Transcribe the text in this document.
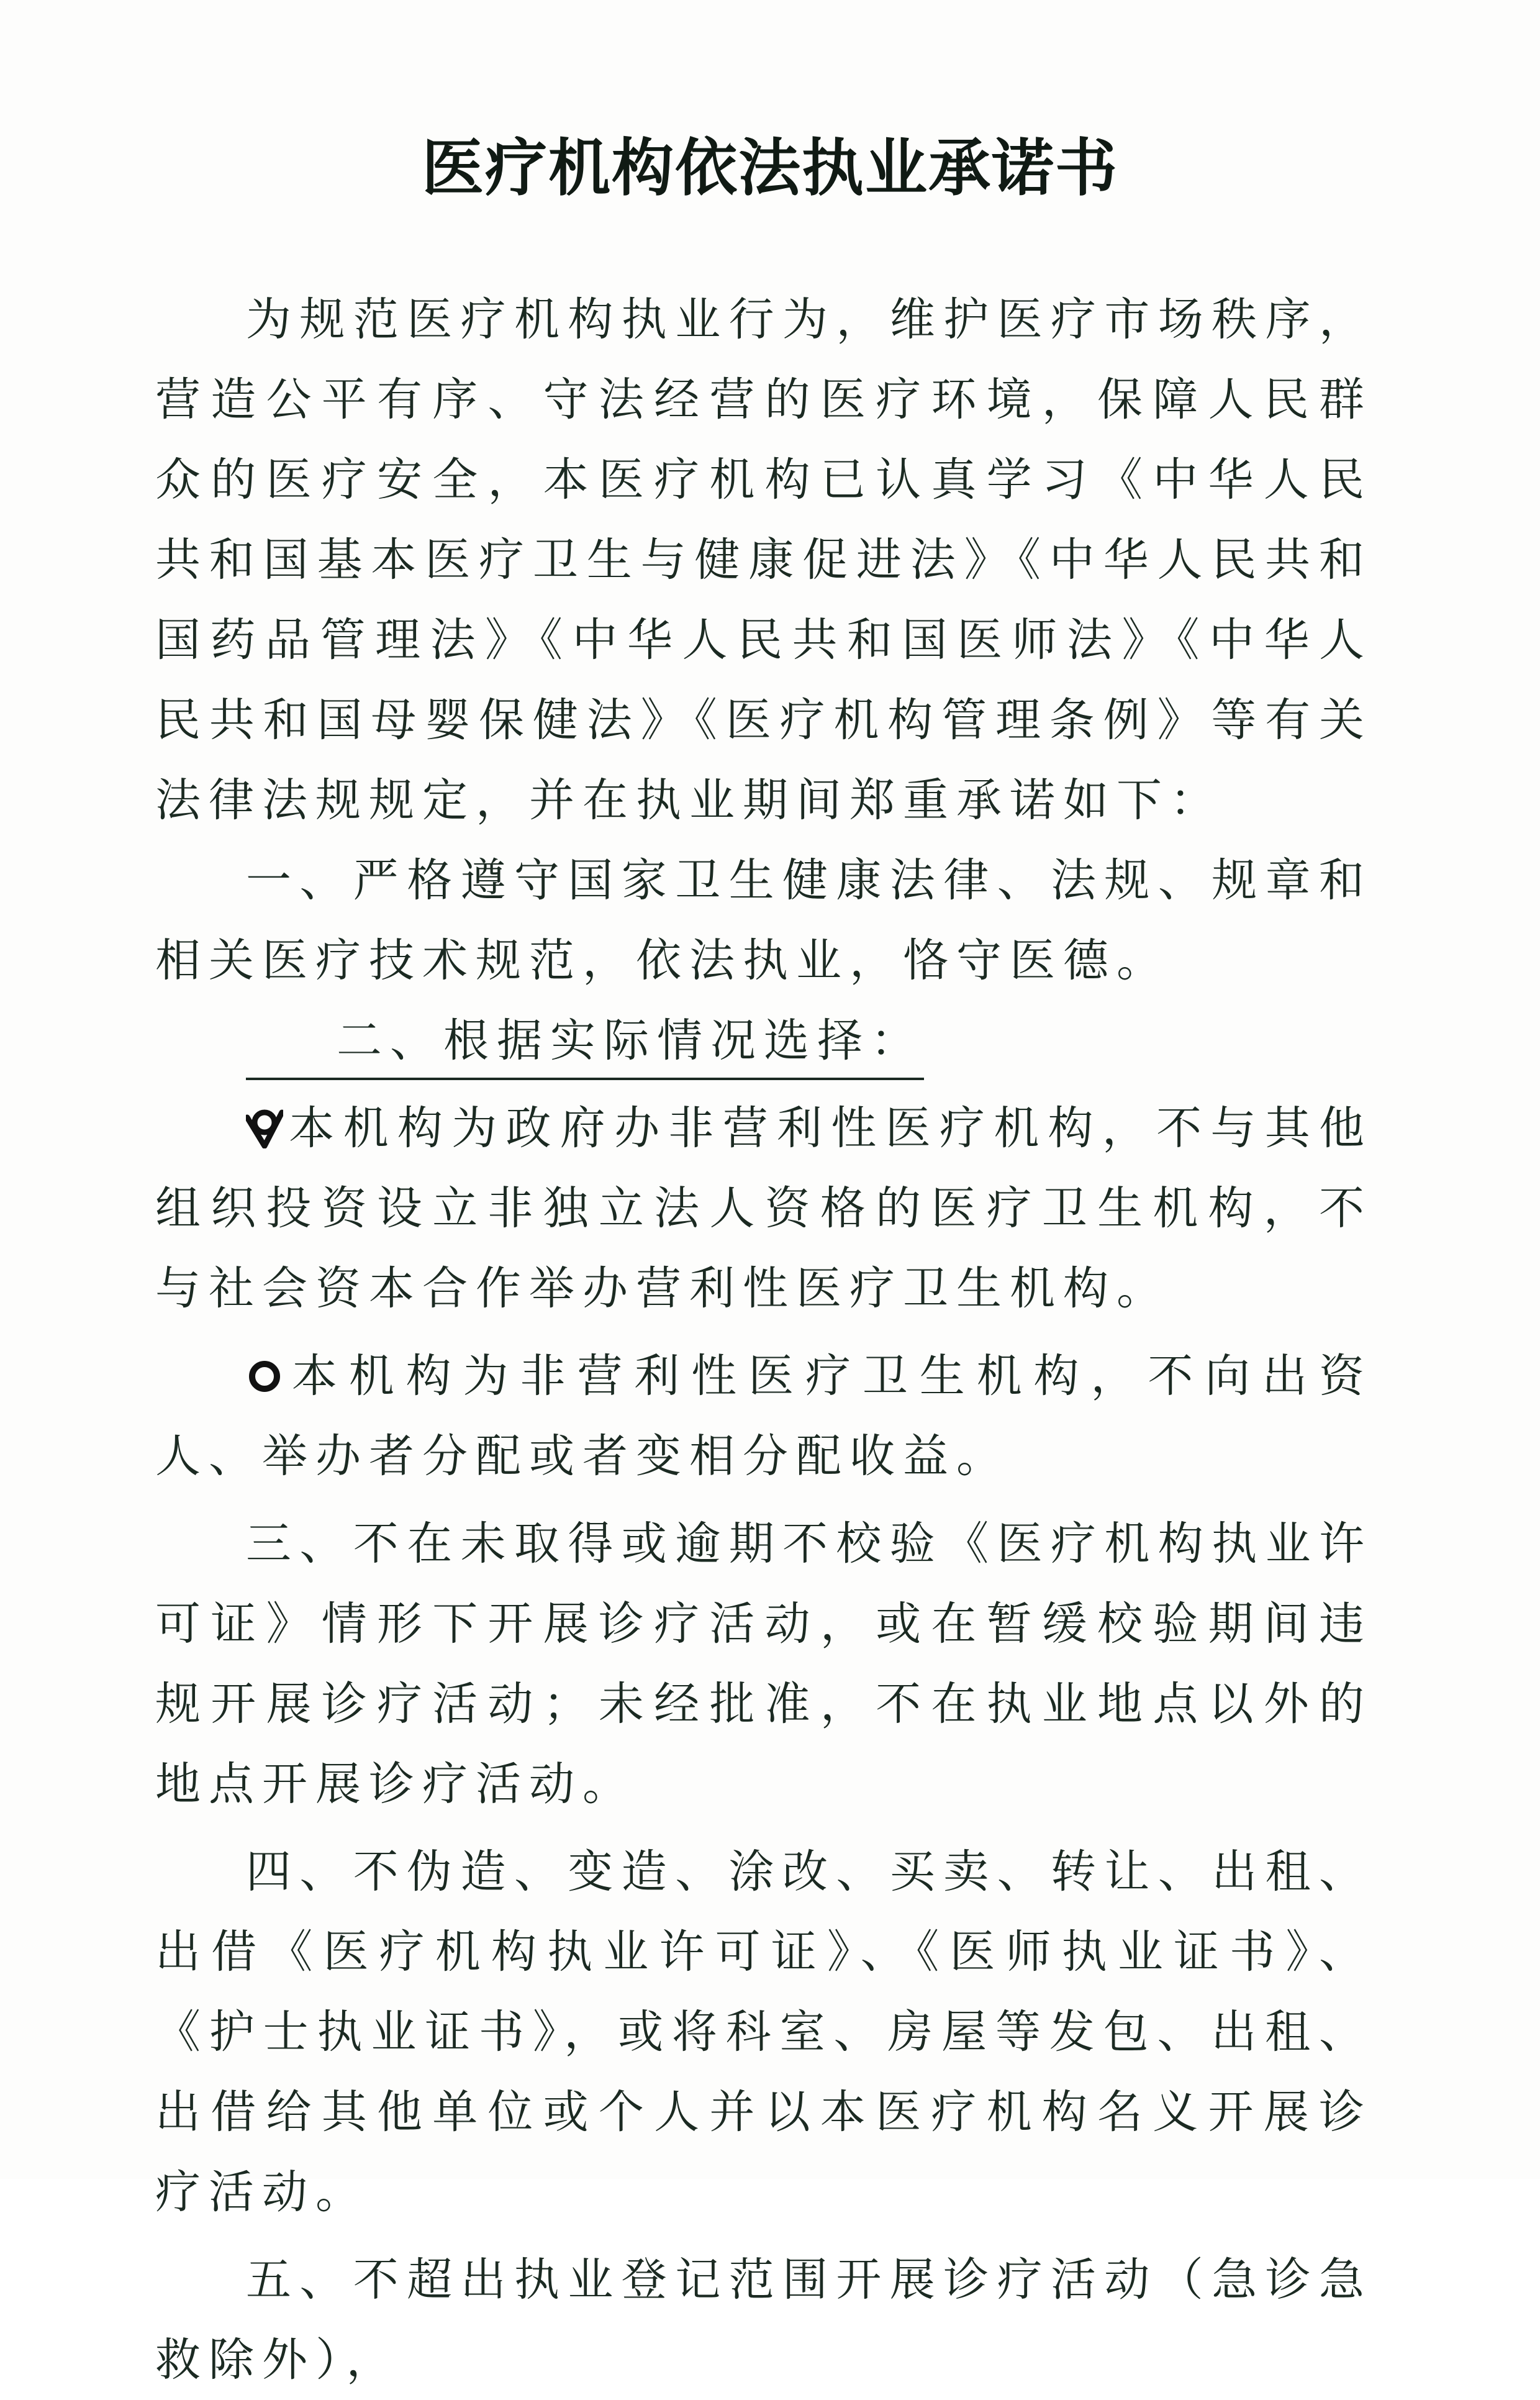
医疗机构依法执业承诺书

为规范医疗机构执业行为，维护医疗市场秩序，营造公平有序、守法经营的医疗环境，保障人民群众的医疗安全，本医疗机构已认真学习《中华人民共和国基本医疗卫生与健康促进法》《中华人民共和国药品管理法》《中华人民共和国医师法》《中华人民共和国母婴保健法》《医疗机构管理条例》等有关法律法规规定，并在执业期间郑重承诺如下：

一、严格遵守国家卫生健康法律、法规、规章和相关医疗技术规范，依法执业，恪守医德。

二、根据实际情况选择：

本机构为政府办非营利性医疗机构，不与其他组织投资设立非独立法人资格的医疗卫生机构，不与社会资本合作举办营利性医疗卫生机构。

本机构为非营利性医疗卫生机构，不向出资人、举办者分配或者变相分配收益。

三、不在未取得或逾期不校验《医疗机构执业许可证》情形下开展诊疗活动，或在暂缓校验期间违规开展诊疗活动；未经批准，不在执业地点以外的地点开展诊疗活动。

四、不伪造、变造、涂改、买卖、转让、出租、出借《医疗机构执业许可证》、《医师执业证书》、《护士执业证书》，或将科室、房屋等发包、出租、出借给其他单位或个人并以本医疗机构名义开展诊疗活动。

五、不超出执业登记范围开展诊疗活动（急诊急救除外），
